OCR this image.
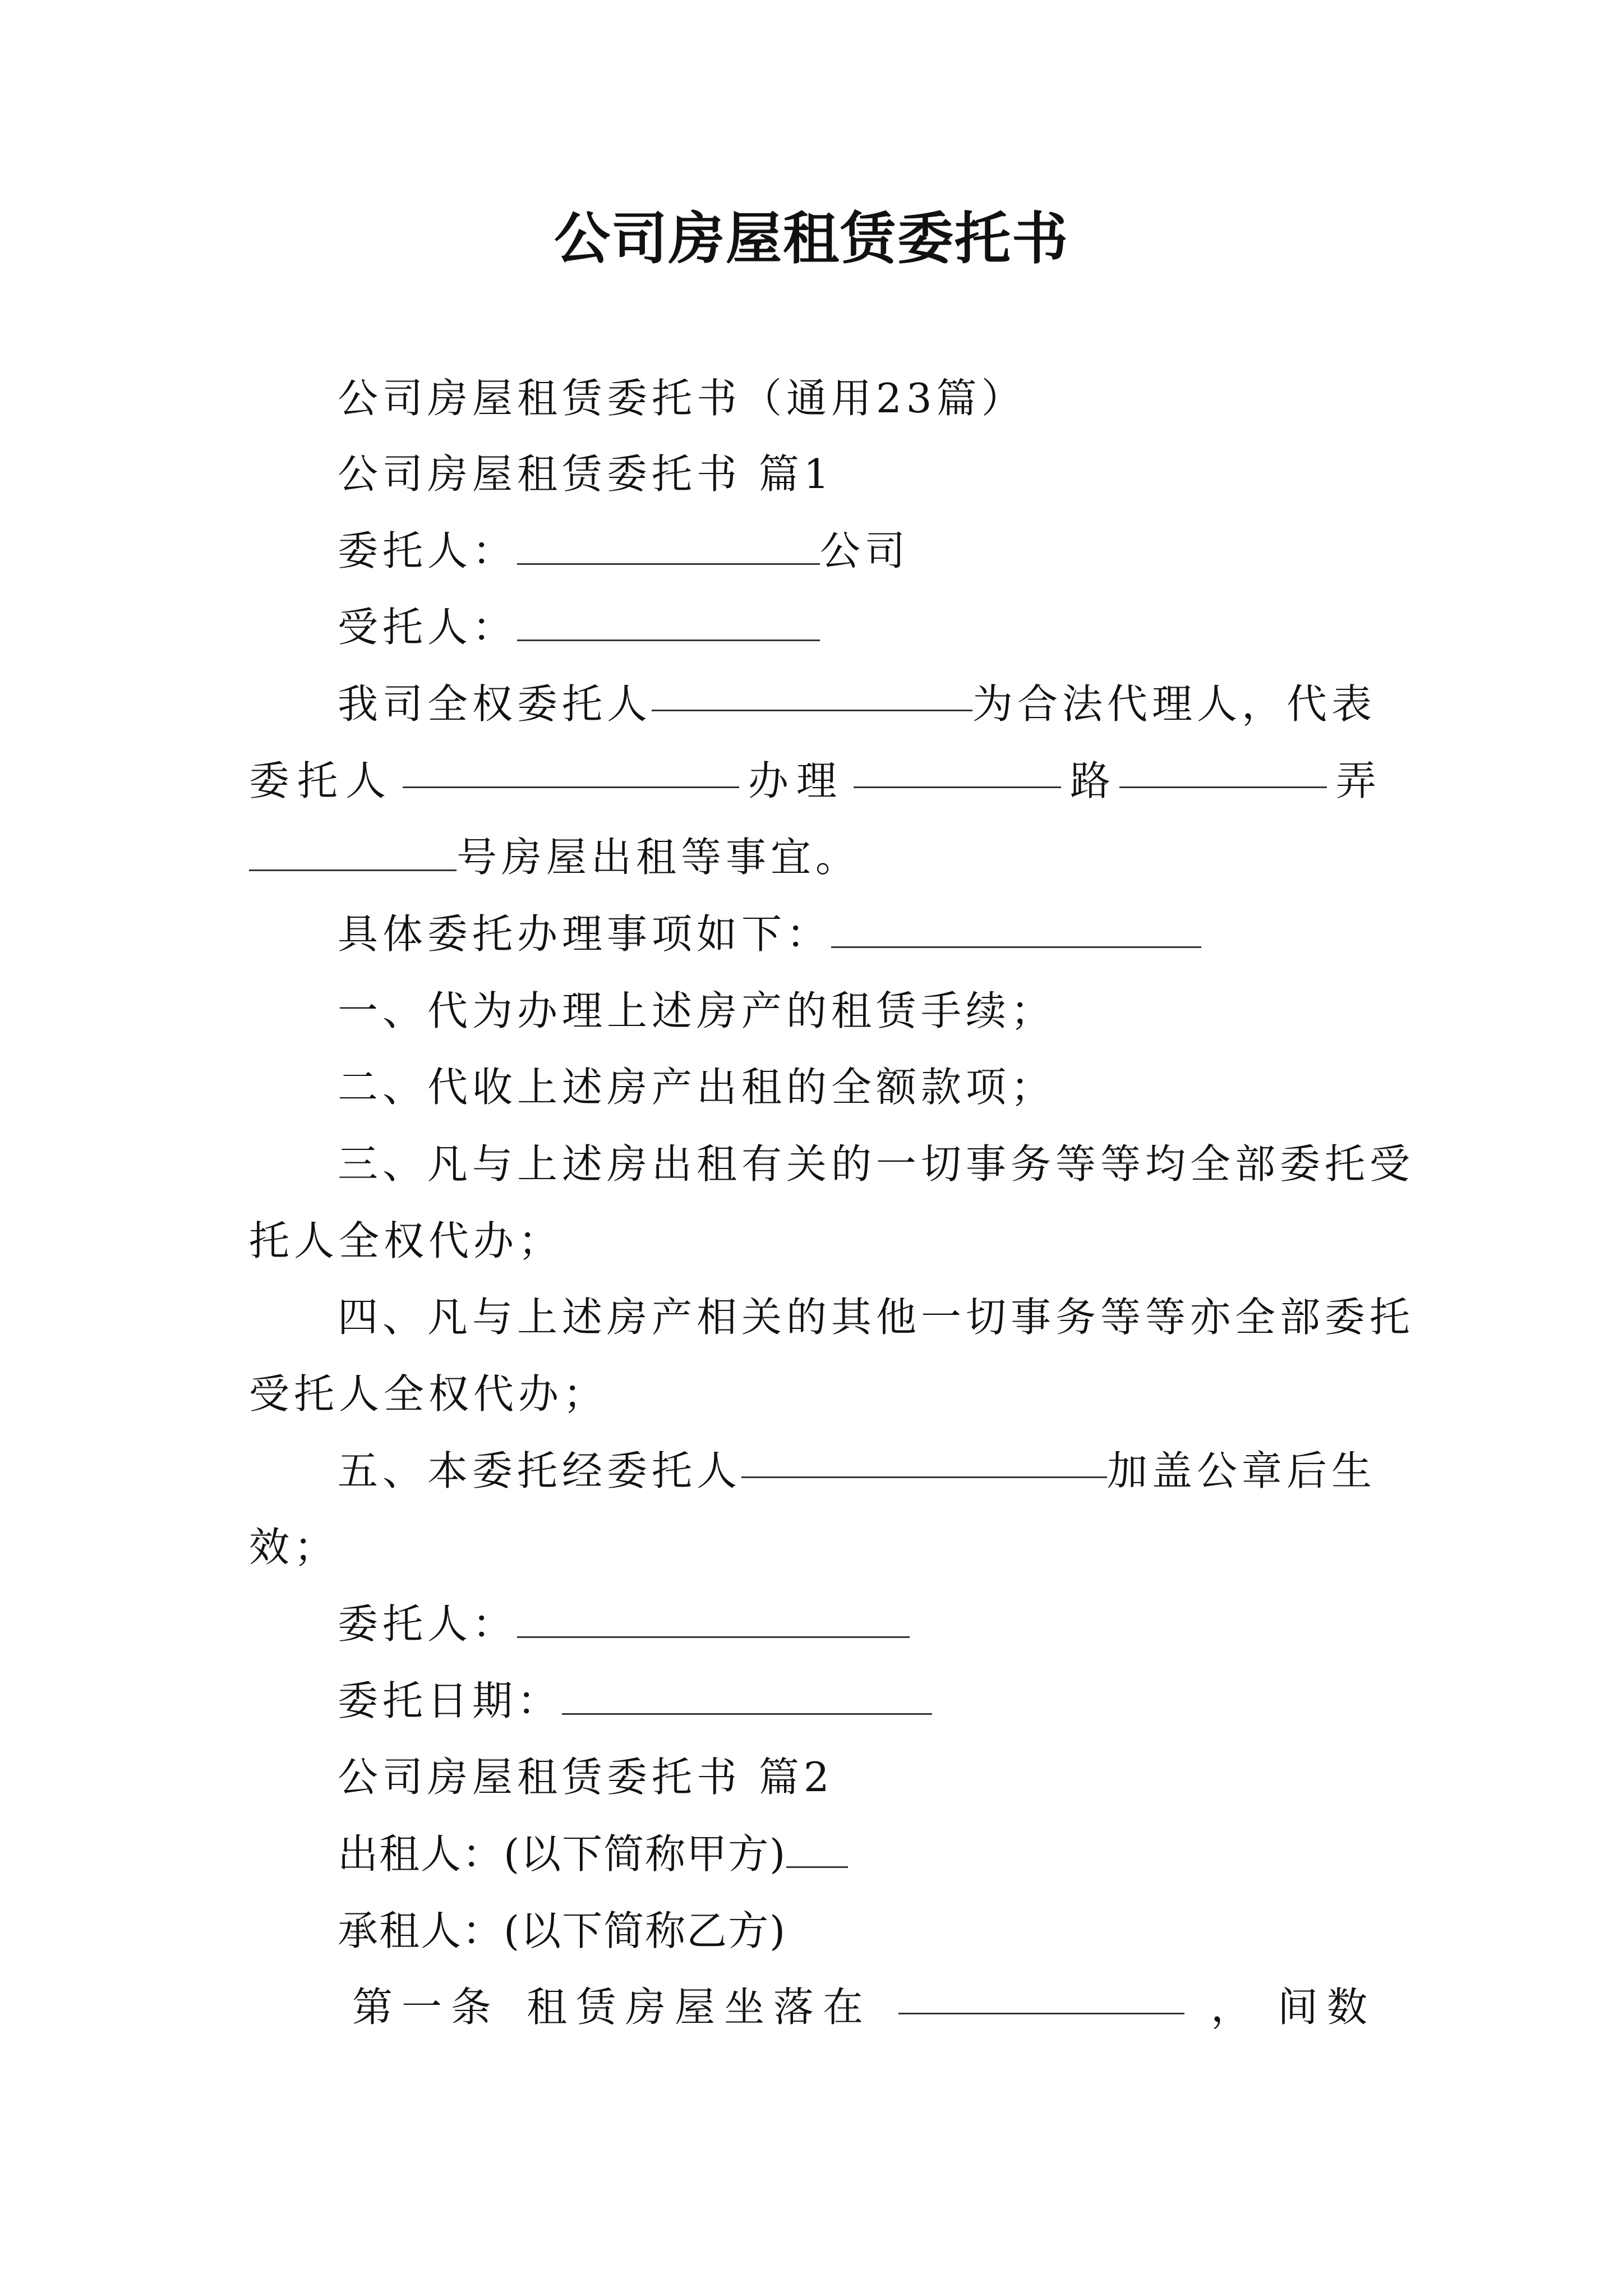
公司房屋租赁委托书

公司房屋租赁委托书（通用23篇）

公司房屋租赁委托书 篇1

委托人：	公司

受托人：

我司全权委托人	为合法代理人，代表

委托人	办理	路	弄

号房屋出租等事宜。

具体委托办理事项如下：

一、代为办理上述房产的租赁手续；

二、代收上述房产出租的全额款项；

三、凡与上述房出租有关的一切事务等等均全部委托受

托人全权代办；

四、凡与上述房产相关的其他一切事务等等亦全部委托

受托人全权代办；

五、本委托经委托人	加盖公章后生

效；

委托人：

委托日期：

公司房屋租赁委托书 篇2

出租人：(以下简称甲方)

承租人：(以下简称乙方)

第一条 租赁房屋坐落在	， 间数
